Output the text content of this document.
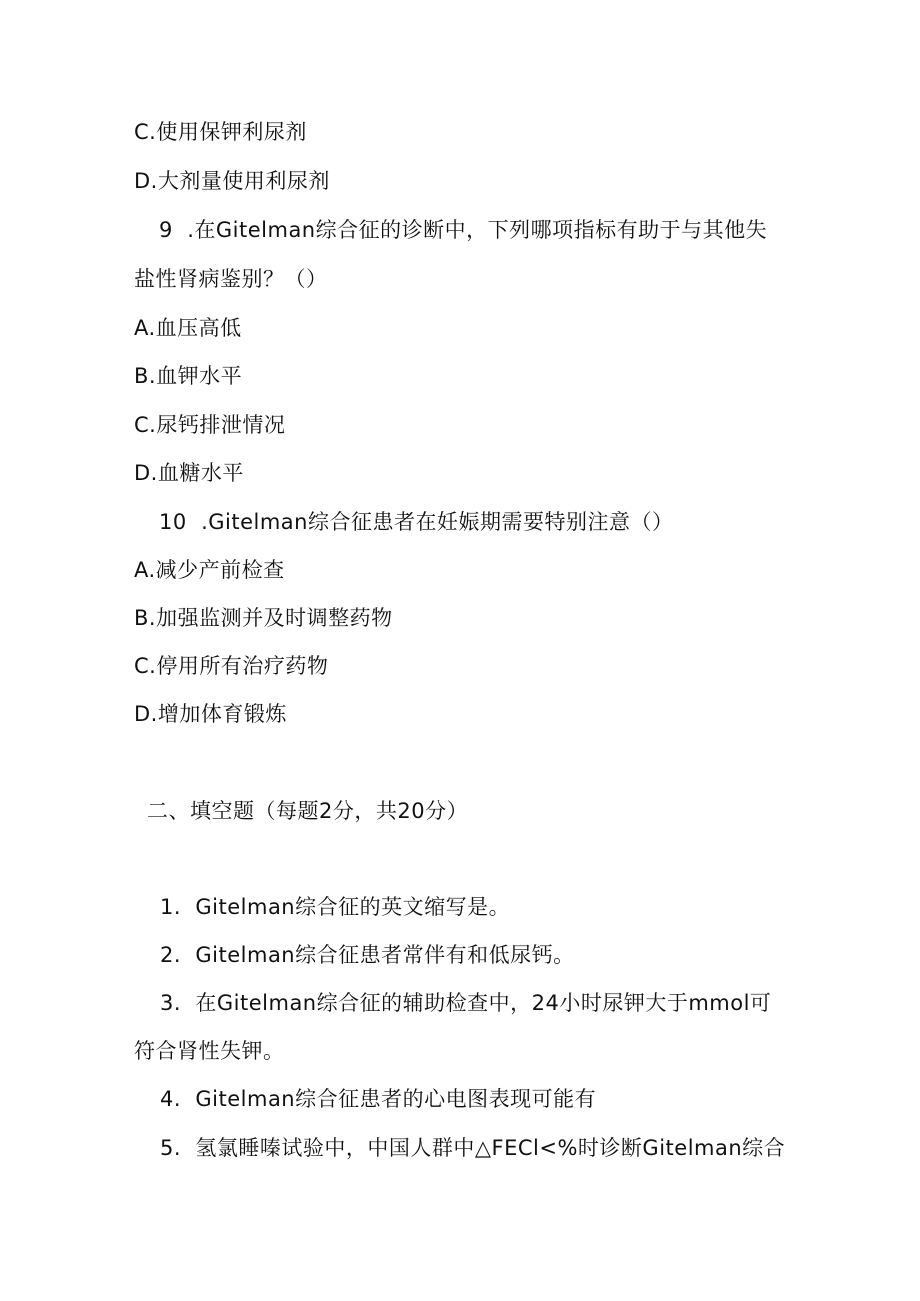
C.使用保钾利尿剂
D.大剂量使用利尿剂
9  .在Gitelman综合征的诊断中，下列哪项指标有助于与其他失
盐性肾病鉴别？（）
A.血压高低
B.血钾水平
C.尿钙排泄情况
D.血糖水平
10  .Gitelman综合征患者在妊娠期需要特别注意（）
A.减少产前检查
B.加强监测并及时调整药物
C.停用所有治疗药物
D.增加体育锻炼
二、填空题（每题2分，共20分）
1.  Gitelman综合征的英文缩写是。
2.  Gitelman综合征患者常伴有和低尿钙。
3.  在Gitelman综合征的辅助检查中，24小时尿钾大于mmol可
符合肾性失钾。
4.  Gitelman综合征患者的心电图表现可能有
5.  氢氯睡嗪试验中，中国人群中△FECl<%时诊断Gitelman综合
